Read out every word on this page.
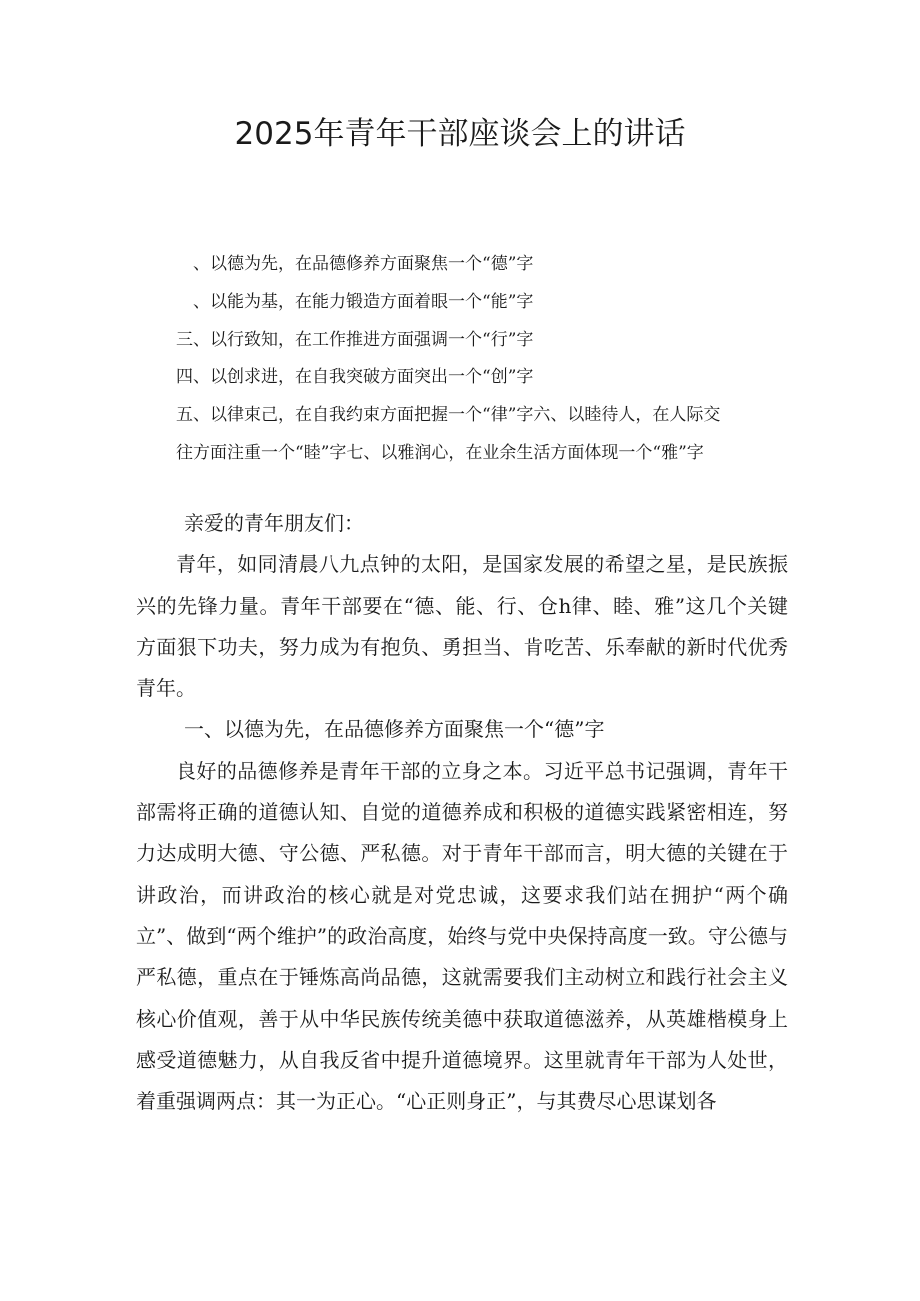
2025年青年干部座谈会上的讲话
、以德为先，在品德修养方面聚焦一个“德”字
、以能为基，在能力锻造方面着眼一个“能”字
三、以行致知，在工作推进方面强调一个“行”字
四、以创求进，在自我突破方面突出一个“创”字
五、以律束己，在自我约束方面把握一个“律”字六、以睦待人，在人际交
往方面注重一个“睦”字七、以雅润心，在业余生活方面体现一个“雅”字

亲爱的青年朋友们：

青年，如同清晨八九点钟的太阳，是国家发展的希望之星，是民族振兴的先锋力量。青年干部要在“德、能、行、仓h律、睦、雅”这几个关键方面狠下功夫，努力成为有抱负、勇担当、肯吃苦、乐奉献的新时代优秀青年。

一、以德为先，在品德修养方面聚焦一个“德”字

良好的品德修养是青年干部的立身之本。习近平总书记强调，青年干部需将正确的道德认知、自觉的道德养成和积极的道德实践紧密相连，努力达成明大德、守公德、严私德。对于青年干部而言，明大德的关键在于讲政治，而讲政治的核心就是对党忠诚，这要求我们站在拥护“两个确立”、做到“两个维护”的政治高度，始终与党中央保持高度一致。守公德与严私德，重点在于锤炼高尚品德，这就需要我们主动树立和践行社会主义核心价值观，善于从中华民族传统美德中获取道德滋养，从英雄楷模身上感受道德魅力，从自我反省中提升道德境界。这里就青年干部为人处世，着重强调两点：其一为正心。“心正则身正”，与其费尽心思谋划各
